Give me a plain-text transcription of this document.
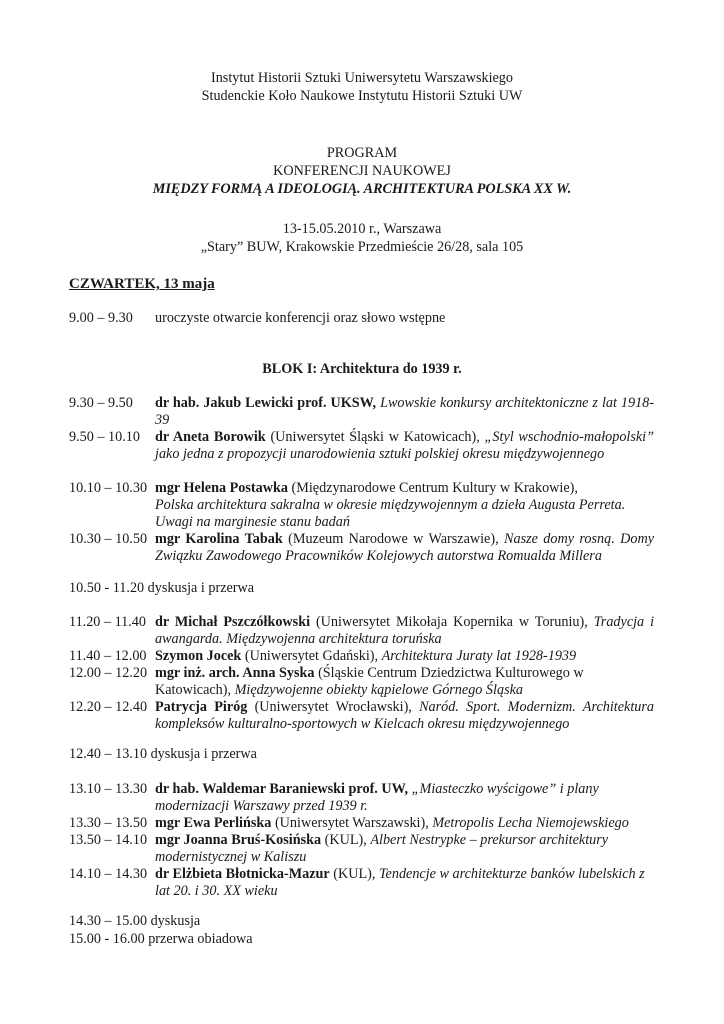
Instytut Historii Sztuki Uniwersytetu Warszawskiego
Studenckie Koło Naukowe Instytutu Historii Sztuki UW
PROGRAM
KONFERENCJI NAUKOWEJ
MIĘDZY FORMĄ A IDEOLOGIĄ. ARCHITEKTURA POLSKA XX W.
13-15.05.2010 r., Warszawa
„Stary” BUW, Krakowskie Przedmieście 26/28, sala 105
CZWARTEK, 13 maja
9.00 – 9.30 uroczyste otwarcie konferencji oraz słowo wstępne
BLOK I: Architektura do 1939 r.
9.30 – 9.50 dr hab. Jakub Lewicki prof. UKSW, Lwowskie konkursy architektoniczne z lat 1918-39
9.50 – 10.10 dr Aneta Borowik (Uniwersytet Śląski w Katowicach), „Styl wschodnio-małopolski” jako jedna z propozycji unarodowienia sztuki polskiej okresu międzywojennego
10.10 – 10.30 mgr Helena Postawka (Międzynarodowe Centrum Kultury w Krakowie),
Polska architektura sakralna w okresie międzywojennym a dzieła Augusta Perreta. Uwagi na marginesie stanu badań
10.30 – 10.50 mgr Karolina Tabak (Muzeum Narodowe w Warszawie), Nasze domy rosną. Domy Związku Zawodowego Pracowników Kolejowych autorstwa Romualda Millera
10.50 - 11.20 dyskusja i przerwa
11.20 – 11.40 dr Michał Pszczółkowski (Uniwersytet Mikołaja Kopernika w Toruniu), Tradycja i awangarda. Międzywojenna architektura toruńska
11.40 – 12.00 Szymon Jocek (Uniwersytet Gdański), Architektura Juraty lat 1928-1939
12.00 – 12.20 mgr inż. arch. Anna Syska (Śląskie Centrum Dziedzictwa Kulturowego w Katowicach), Międzywojenne obiekty kąpielowe Górnego Śląska
12.20 – 12.40 Patrycja Piróg (Uniwersytet Wrocławski), Naród. Sport. Modernizm. Architektura kompleksów kulturalno-sportowych w Kielcach okresu międzywojennego
12.40 – 13.10 dyskusja i przerwa
13.10 – 13.30 dr hab. Waldemar Baraniewski prof. UW, „Miasteczko wyścigowe” i plany modernizacji Warszawy przed 1939 r.
13.30 – 13.50 mgr Ewa Perlińska (Uniwersytet Warszawski), Metropolis Lecha Niemojewskiego
13.50 – 14.10 mgr Joanna Bruś-Kosińska (KUL), Albert Nestrypke – prekursor architektury modernistycznej w Kaliszu
14.10 – 14.30 dr Elżbieta Błotnicka-Mazur (KUL), Tendencje w architekturze banków lubelskich z lat 20. i 30. XX wieku
14.30 – 15.00 dyskusja
15.00 - 16.00 przerwa obiadowa
